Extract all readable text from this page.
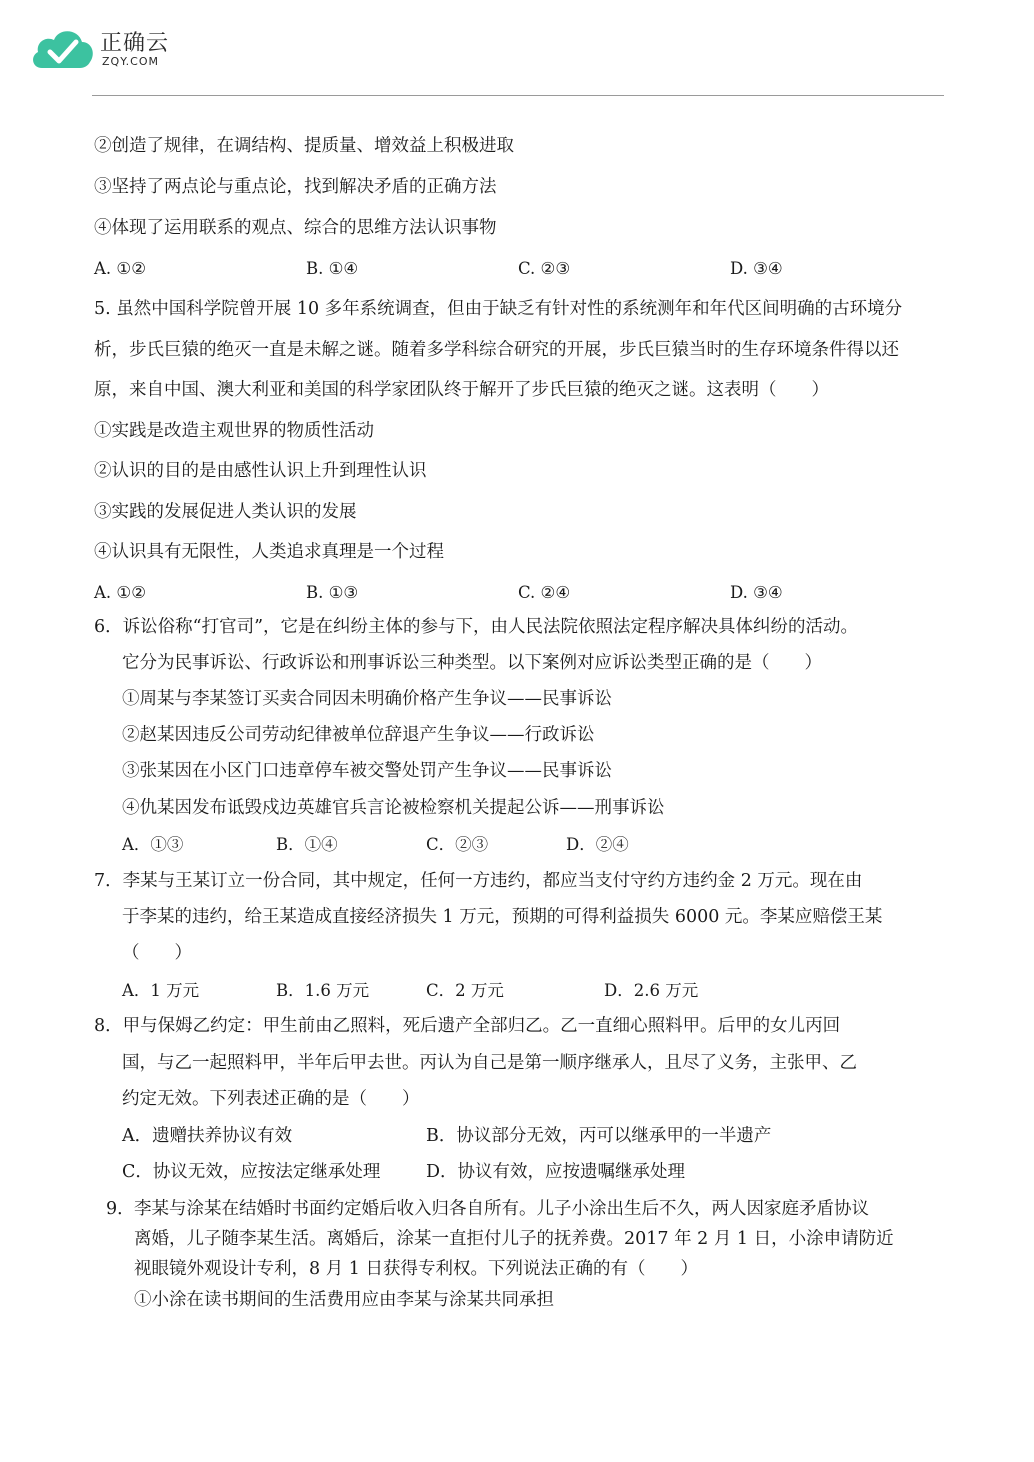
正确云
ZQY.COM
②创造了规律，在调结构、提质量、增效益上积极进取
③坚持了两点论与重点论，找到解决矛盾的正确方法
④体现了运用联系的观点、综合的思维方法认识事物
A. ①②	B. ①④	C. ②③	D. ③④
5. 虽然中国科学院曾开展 10 多年系统调查，但由于缺乏有针对性的系统测年和年代区间明确的古环境分
析，步氏巨猿的绝灭一直是未解之谜。随着多学科综合研究的开展，步氏巨猿当时的生存环境条件得以还
原，来自中国、澳大利亚和美国的科学家团队终于解开了步氏巨猿的绝灭之谜。这表明（　　）
①实践是改造主观世界的物质性活动
②认识的目的是由感性认识上升到理性认识
③实践的发展促进人类认识的发展
④认识具有无限性，人类追求真理是一个过程
A. ①②	B. ①③	C. ②④	D. ③④
6．诉讼俗称“打官司”，它是在纠纷主体的参与下，由人民法院依照法定程序解决具体纠纷的活动。
它分为民事诉讼、行政诉讼和刑事诉讼三种类型。以下案例对应诉讼类型正确的是（　　）
①周某与李某签订买卖合同因未明确价格产生争议——民事诉讼
②赵某因违反公司劳动纪律被单位辞退产生争议——行政诉讼
③张某因在小区门口违章停车被交警处罚产生争议——民事诉讼
④仇某因发布诋毁戍边英雄官兵言论被检察机关提起公诉——刑事诉讼
A．①③	B．①④	C．②③	D．②④
7．李某与王某订立一份合同，其中规定，任何一方违约，都应当支付守约方违约金 2 万元。现在由
于李某的违约，给王某造成直接经济损失 1 万元，预期的可得利益损失 6000 元。李某应赔偿王某
（　　）
A．1 万元	B．1.6 万元	C．2 万元	D．2.6 万元
8．甲与保姆乙约定：甲生前由乙照料，死后遗产全部归乙。乙一直细心照料甲。后甲的女儿丙回
国，与乙一起照料甲，半年后甲去世。丙认为自己是第一顺序继承人，且尽了义务，主张甲、乙
约定无效。下列表述正确的是（　　）
A．遗赠扶养协议有效	B．协议部分无效，丙可以继承甲的一半遗产
C．协议无效，应按法定继承处理	D．协议有效，应按遗嘱继承处理
9． 李某与涂某在结婚时书面约定婚后收入归各自所有。儿子小涂出生后不久，两人因家庭矛盾协议
离婚，儿子随李某生活。离婚后，涂某一直拒付儿子的抚养费。2017 年 2 月 1 日，小涂申请防近
视眼镜外观设计专利，8 月 1 日获得专利权。下列说法正确的有（　　）
①小涂在读书期间的生活费用应由李某与涂某共同承担
